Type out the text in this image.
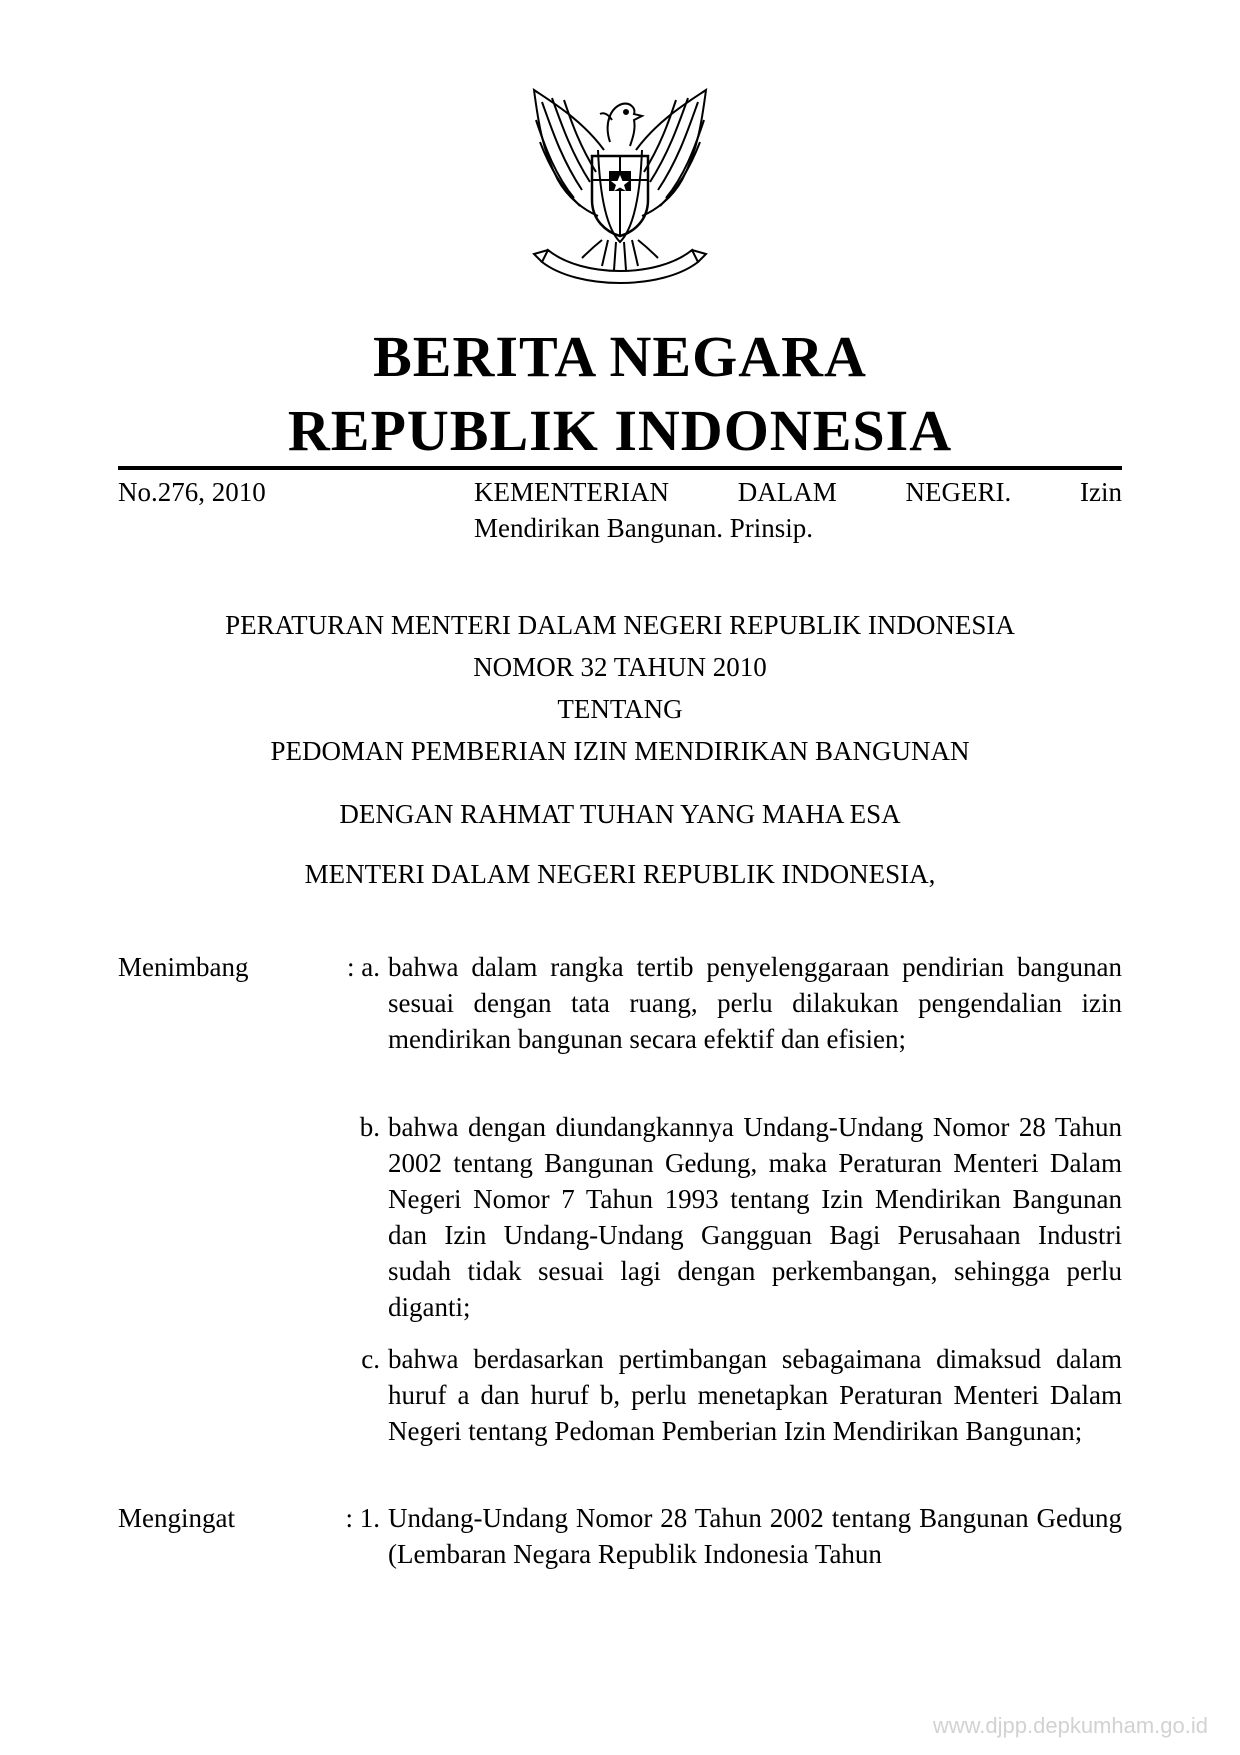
BERITA NEGARA
REPUBLIK INDONESIA
No.276, 2010	KEMENTERIAN	DALAM	NEGERI.	Izin
Mendirikan Bangunan. Prinsip.
PERATURAN MENTERI DALAM NEGERI REPUBLIK INDONESIA
NOMOR 32 TAHUN 2010
TENTANG
PEDOMAN PEMBERIAN IZIN MENDIRIKAN BANGUNAN
DENGAN RAHMAT TUHAN YANG MAHA ESA
MENTERI DALAM NEGERI REPUBLIK INDONESIA,
Menimbang	: a. bahwa dalam rangka tertib penyelenggaraan pendirian bangunan sesuai dengan tata ruang, perlu dilakukan pengendalian izin mendirikan bangunan secara efektif dan efisien;
b. bahwa dengan diundangkannya Undang-Undang Nomor 28 Tahun 2002 tentang Bangunan Gedung, maka Peraturan Menteri Dalam Negeri Nomor 7 Tahun 1993 tentang Izin Mendirikan Bangunan dan Izin Undang-Undang Gangguan Bagi Perusahaan Industri sudah tidak sesuai lagi dengan perkembangan, sehingga perlu diganti;
c. bahwa berdasarkan pertimbangan sebagaimana dimaksud dalam huruf a dan huruf b, perlu menetapkan Peraturan Menteri Dalam Negeri tentang Pedoman Pemberian Izin Mendirikan Bangunan;
Mengingat	: 1. Undang-Undang Nomor 28 Tahun 2002 tentang Bangunan Gedung (Lembaran Negara Republik Indonesia Tahun
www.djpp.depkumham.go.id
